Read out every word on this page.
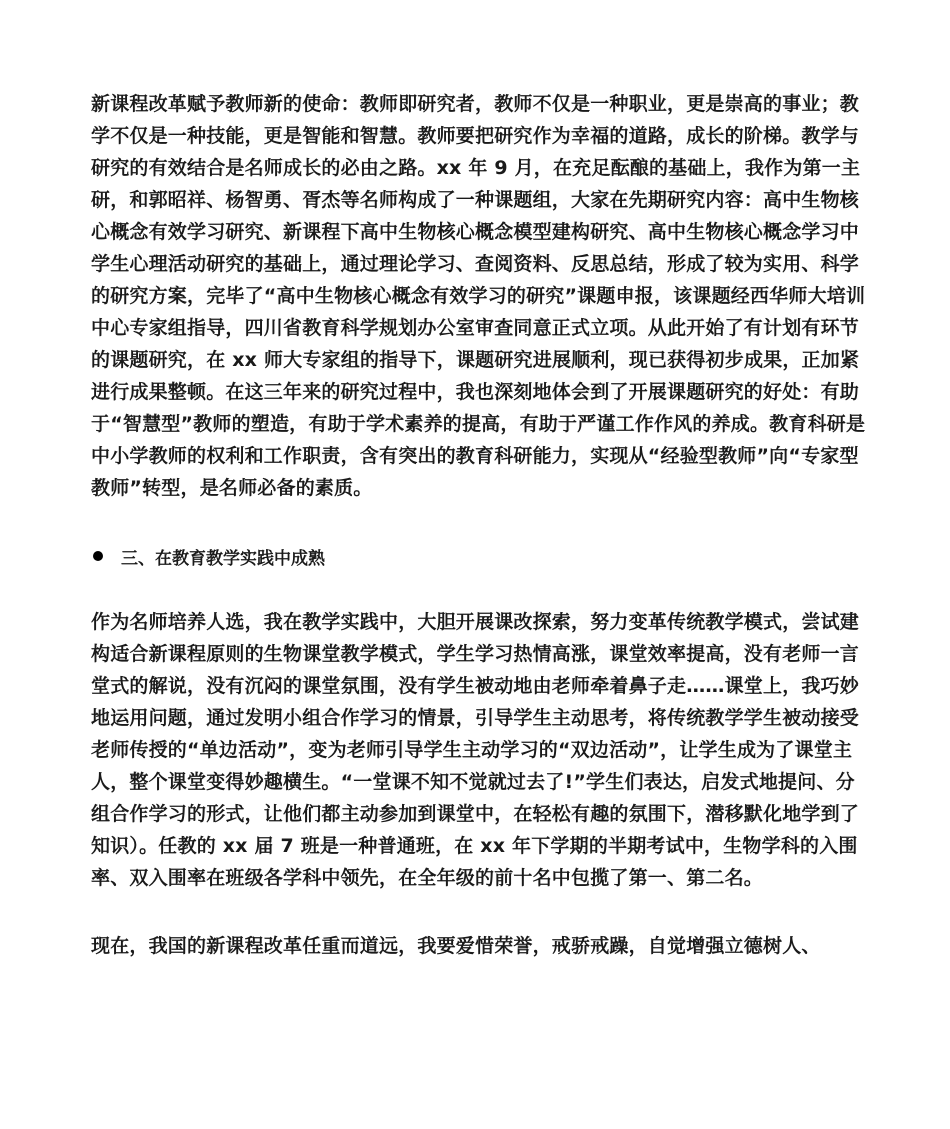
新课程改革赋予教师新的使命：教师即研究者，教师不仅是一种职业，更是崇高的事业；教学不仅是一种技能，更是智能和智慧。教师要把研究作为幸福的道路，成长的阶梯。教学与研究的有效结合是名师成长的必由之路。xx 年 9 月，在充足酝酿的基础上，我作为第一主研，和郭昭祥、杨智勇、胥杰等名师构成了一种课题组，大家在先期研究内容：高中生物核心概念有效学习研究、新课程下高中生物核心概念模型建构研究、高中生物核心概念学习中学生心理活动研究的基础上，通过理论学习、查阅资料、反思总结，形成了较为实用、科学的研究方案，完毕了“高中生物核心概念有效学习的研究”课题申报，该课题经西华师大培训中心专家组指导，四川省教育科学规划办公室审查同意正式立项。从此开始了有计划有环节的课题研究，在 xx 师大专家组的指导下，课题研究进展顺利，现已获得初步成果，正加紧进行成果整顿。在这三年来的研究过程中，我也深刻地体会到了开展课题研究的好处：有助于“智慧型”教师的塑造，有助于学术素养的提高，有助于严谨工作作风的养成。教育科研是中小学教师的权利和工作职责，含有突出的教育科研能力，实现从“经验型教师”向“专家型教师”转型，是名师必备的素质。

三、在教育教学实践中成熟

作为名师培养人选，我在教学实践中，大胆开展课改探索，努力变革传统教学模式，尝试建构适合新课程原则的生物课堂教学模式，学生学习热情高涨，课堂效率提高，没有老师一言堂式的解说，没有沉闷的课堂氛围，没有学生被动地由老师牵着鼻子走……课堂上，我巧妙地运用问题，通过发明小组合作学习的情景，引导学生主动思考，将传统教学学生被动接受老师传授的“单边活动”，变为老师引导学生主动学习的“双边活动”，让学生成为了课堂主人，整个课堂变得妙趣横生。“一堂课不知不觉就过去了!”学生们表达，启发式地提问、分组合作学习的形式，让他们都主动参加到课堂中，在轻松有趣的氛围下，潜移默化地学到了知识）。任教的 xx 届 7 班是一种普通班，在 xx 年下学期的半期考试中，生物学科的入围率、双入围率在班级各学科中领先，在全年级的前十名中包揽了第一、第二名。

现在，我国的新课程改革任重而道远，我要爱惜荣誉，戒骄戒躁，自觉增强立德树人、
